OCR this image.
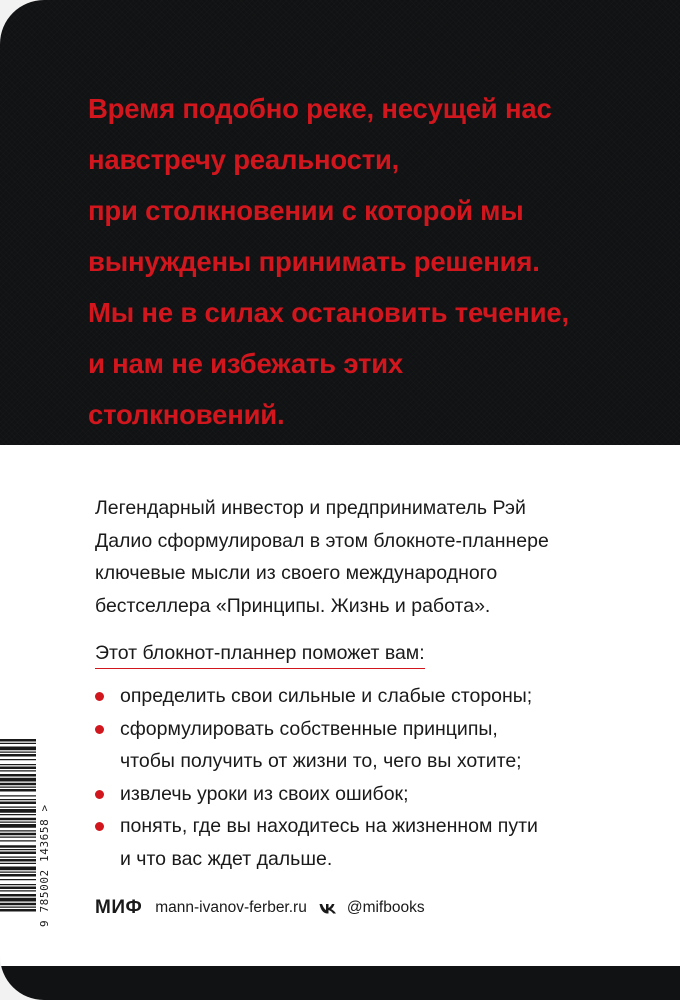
Время подобно реке, несущей нас
навстречу реальности,
при столкновении с которой мы
вынуждены принимать решения.
Мы не в силах остановить течение,
и нам не избежать этих
столкновений.
Легендарный инвестор и предприниматель Рэй
Далио сформулировал в этом блокноте-планнере
ключевые мысли из своего международного
бестселлера «Принципы. Жизнь и работа».
Этот блокнот-планнер поможет вам:
определить свои сильные и слабые стороны;
сформулировать собственные принципы,
чтобы получить от жизни то, чего вы хотите;
извлечь уроки из своих ошибок;
понять, где вы находитесь на жизненном пути
и что вас ждет дальше.
МИФ mann-ivanov-ferber.ru	@mifbooks
9 785002 143658 >
